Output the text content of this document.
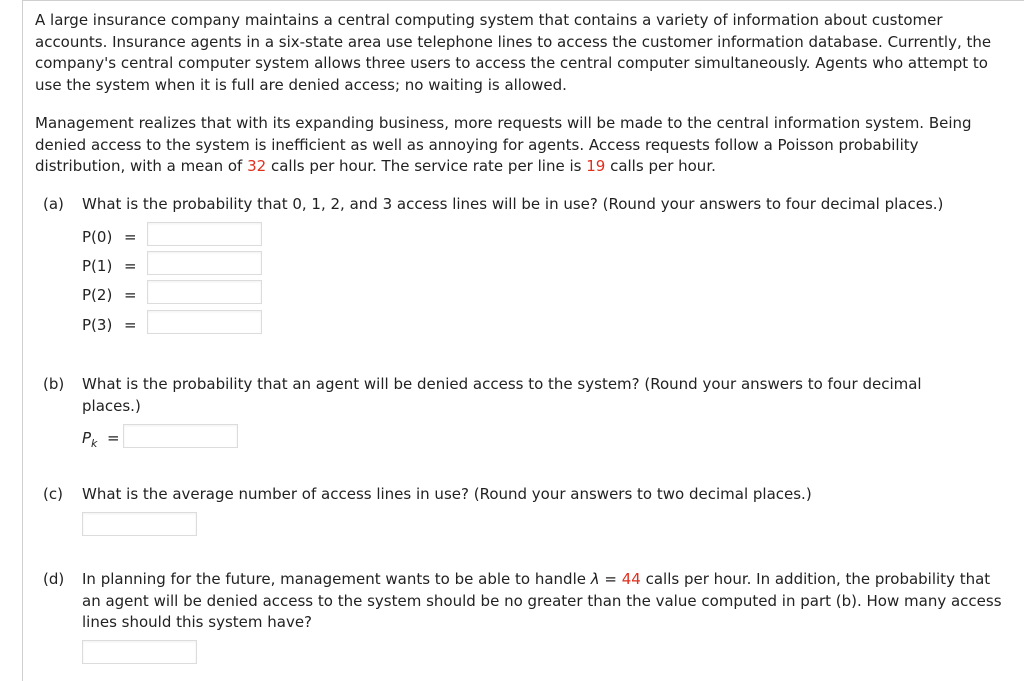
A large insurance company maintains a central computing system that contains a variety of information about customer accounts. Insurance agents in a six-state area use telephone lines to access the customer information database. Currently, the company's central computer system allows three users to access the central computer simultaneously. Agents who attempt to use the system when it is full are denied access; no waiting is allowed.

Management realizes that with its expanding business, more requests will be made to the central information system. Being denied access to the system is inefficient as well as annoying for agents. Access requests follow a Poisson probability distribution, with a mean of 32 calls per hour. The service rate per line is 19 calls per hour.

(a) What is the probability that 0, 1, 2, and 3 access lines will be in use? (Round your answers to four decimal places.)
P(0) =
P(1) =
P(2) =
P(3) =
(b) What is the probability that an agent will be denied access to the system? (Round your answers to four decimal places.)
$P_k$ =
(c) What is the average number of access lines in use? (Round your answers to two decimal places.)
(d) In planning for the future, management wants to be able to handle λ = 44 calls per hour. In addition, the probability that an agent will be denied access to the system should be no greater than the value computed in part (b). How many access lines should this system have?
